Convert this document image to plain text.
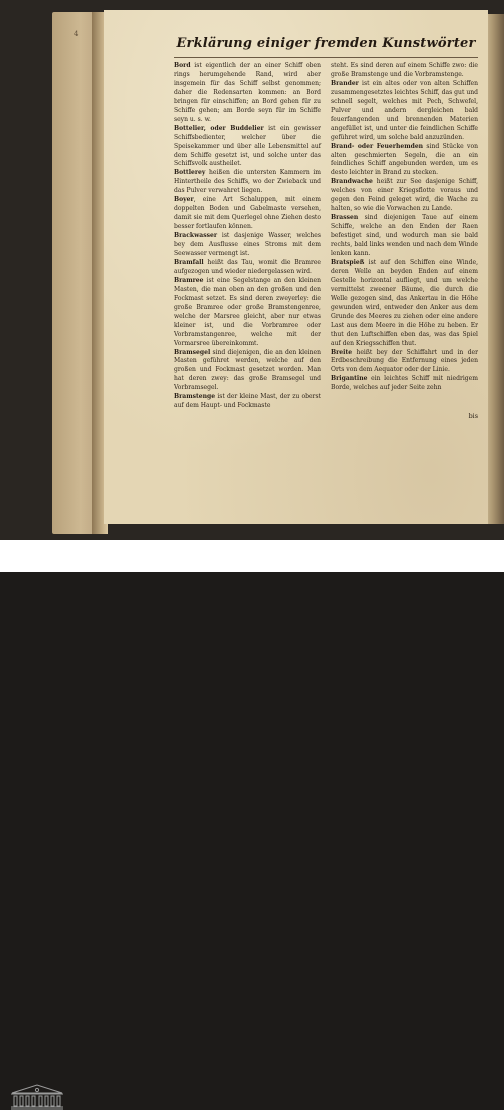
4
Erklärung einiger fremden Kunstwörter

Bord ist eigentlich der an einer Schiff oben rings herumgehende Rand, wird aber insgemein für das Schiff selbst genommen; daher die Redensarten kommen: an Bord bringen für einschiffen; an Bord gehen für zu Schiffe gehen; am Borde seyn für im Schiffe seyn u. s. w.

Bottelier, oder Buddelier ist ein gewisser Schiffsbedienter, welcher über die Speisekammer und über alle Lebensmittel auf dem Schiffe gesetzt ist, und solche unter das Schiffsvolk austheilet.

Bottlerey heißen die untersten Kammern im Hintertheile des Schiffs, wo der Zwieback und das Pulver verwahret liegen.

Boyer, eine Art Schaluppen, mit einem doppelten Boden und Gabelmaste versehen, damit sie mit dem Querlegel ohne Ziehen desto besser fortlaufen können.

Brackwasser ist dasjenige Wasser, welches bey dem Ausflusse eines Stroms mit dem Seewasser vermengt ist.

Bramfall heißt das Tau, womit die Bramree aufgezogen und wieder niedergelassen wird.

Bramree ist eine Segelstange an den kleinen Masten, die man oben an den großen und den Fockmast setzet. Es sind deren zweyerley: die große Bramree oder große Bramstengenree, welche der Marsree gleicht, aber nur etwas kleiner ist, und die Vorbramree oder Vorbramstangenree, welche mit der Vormarsree übereinkommt.

Bramsegel sind diejenigen, die an den kleinen Masten geführet werden, welche auf den großen und Fockmast gesetzet worden. Man hat deren zwey: das große Bramsegel und Vorbramsegel.

Bramstenge ist der kleine Mast, der zu oberst auf dem Haupt- und Fockmaste

steht. Es sind deren auf einem Schiffe zwo: die große Bramstenge und die Vorbramstenge.

Brander ist ein altes oder von alten Schiffen zusammengesetztes leichtes Schiff, das gut und schnell segelt, welches mit Pech, Schwefel, Pulver und andern dergleichen bald feuerfangenden und brennenden Materien angefüllet ist, und unter die feindlichen Schiffe geführet wird, um solche bald anzuzünden.

Brand- oder Feuerhemden sind Stücke von alten geschmierten Segeln, die an ein feindliches Schiff angebunden werden, um es desto leichter in Brand zu stecken.

Brandwache heißt zur See dasjenige Schiff, welches von einer Kriegsflotte voraus und gegen den Feind geleget wird, die Wache zu halten, so wie die Vorwachen zu Lande.

Brassen sind diejenigen Taue auf einem Schiffe, welche an den Enden der Raen befestiget sind, und wodurch man sie bald rechts, bald links wenden und nach dem Winde lenken kann.

Bratspieß ist auf den Schiffen eine Winde, deren Welle an beyden Enden auf einem Gestelle horizontal aufliegt, und um welche vermittelst zweener Bäume, die durch die Welle gezogen sind, das Ankertau in die Höhe gewunden wird, entweder den Anker aus dem Grunde des Meeres zu ziehen oder eine andere Last aus dem Meere in die Höhe zu heben. Er thut den Luftschiffen eben das, was das Spiel auf den Kriegsschiffen thut.

Breite heißt bey der Schiffahrt und in der Erdbeschreibung die Entfernung eines jeden Orts von dem Aequator oder der Linie.

Brigantine ein leichtes Schiff mit niedrigem Borde, welches auf jeder Seite zehn

bis
